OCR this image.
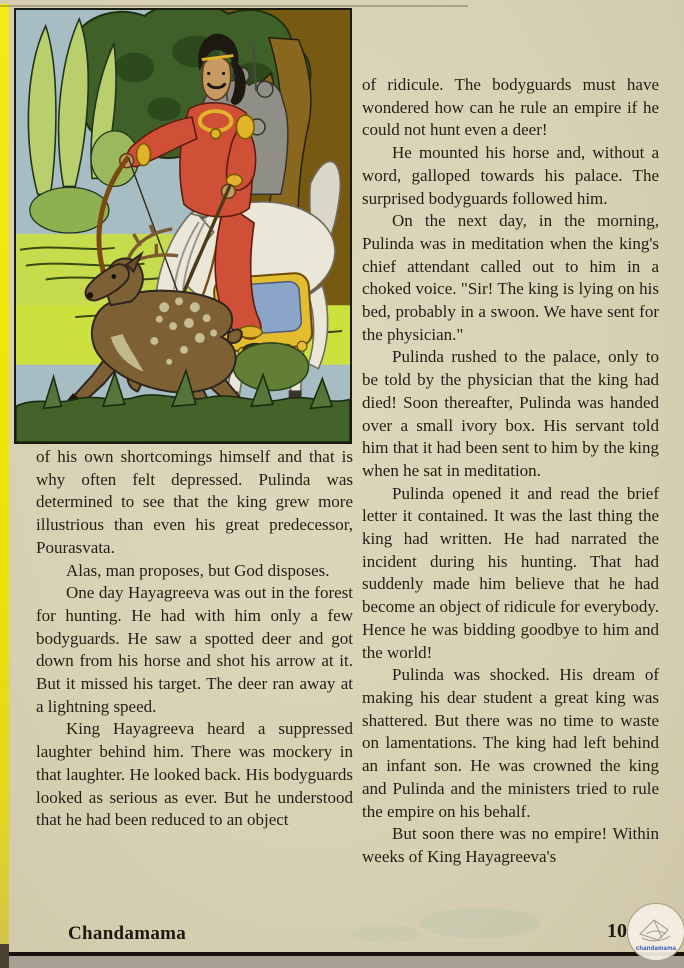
of his own shortcomings himself and that is why often felt depressed. Pulinda was determined to see that the king grew more illustrious than even his great predecessor, Pourasvata.

Alas, man proposes, but God disposes.

One day Hayagreeva was out in the forest for hunting. He had with him only a few bodyguards. He saw a spotted deer and got down from his horse and shot his arrow at it. But it missed his target. The deer ran away at a lightning speed.

King Hayagreeva heard a suppressed laughter behind him. There was mockery in that laughter. He looked back. His bodyguards looked as serious as ever. But he understood that he had been reduced to an object

of ridicule. The bodyguards must have wondered how can he rule an empire if he could not hunt even a deer!

He mounted his horse and, without a word, galloped towards his palace. The surprised bodyguards followed him.

On the next day, in the morning, Pulinda was in meditation when the king's chief attendant called out to him in a choked voice. "Sir! The king is lying on his bed, probably in a swoon. We have sent for the physician."

Pulinda rushed to the palace, only to be told by the physician that the king had died! Soon thereafter, Pulinda was handed over a small ivory box. His servant told him that it had been sent to him by the king when he sat in meditation.

Pulinda opened it and read the brief letter it contained. It was the last thing the king had written. He had narrated the incident during his hunting. That had suddenly made him believe that he had become an object of ridicule for everybody. Hence he was bidding goodbye to him and the world!

Pulinda was shocked. His dream of making his dear student a great king was shattered. But there was no time to waste on lamentations. The king had left behind an infant son. He was crowned the king and Pulinda and the ministers tried to rule the empire on his behalf.

But soon there was no empire! Within weeks of King Hayagreeva's

Chandamama	10
chandamama
